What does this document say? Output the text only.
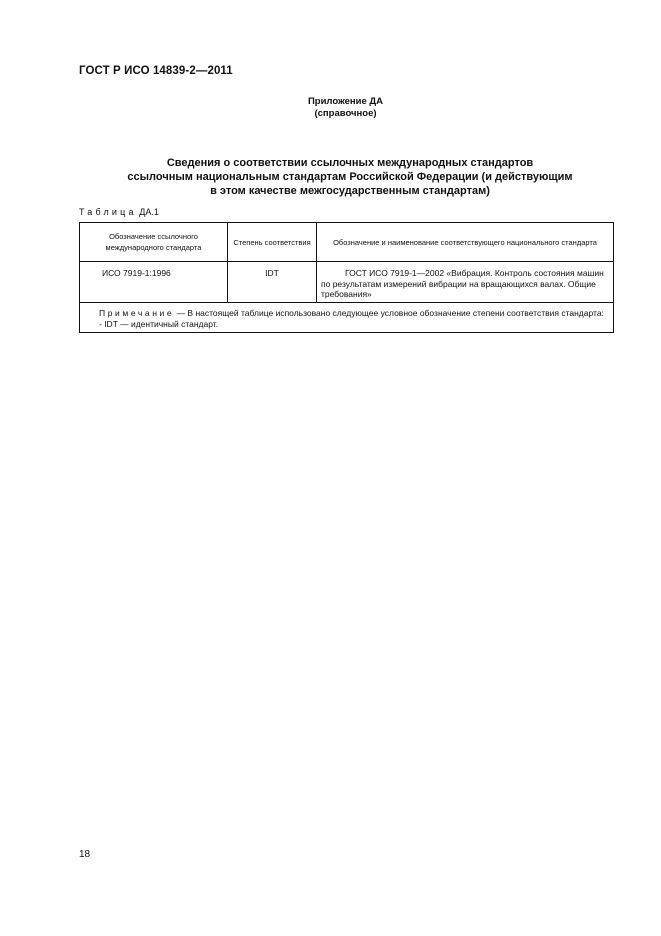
ГОСТ Р ИСО 14839-2—2011
Приложение ДА
(справочное)
Сведения о соответствии ссылочных международных стандартов
ссылочным национальным стандартам Российской Федерации (и действующим
в этом качестве межгосударственным стандартам)
Таблица ДА.1
Обозначение ссылочного международного стандарта	Степень соответствия	Обозначение и наименование соответствующего национального стандарта
ИСО 7919-1:1996	IDT	ГОСТ ИСО 7919-1—2002 «Вибрация. Контроль состояния машин по результатам измерений вибрации на вращающихся валах. Общие требования»
Примечание — В настоящей таблице использовано следующее условное обозначение степени соответствия стандарта:
- IDT — идентичный стандарт.		
18
